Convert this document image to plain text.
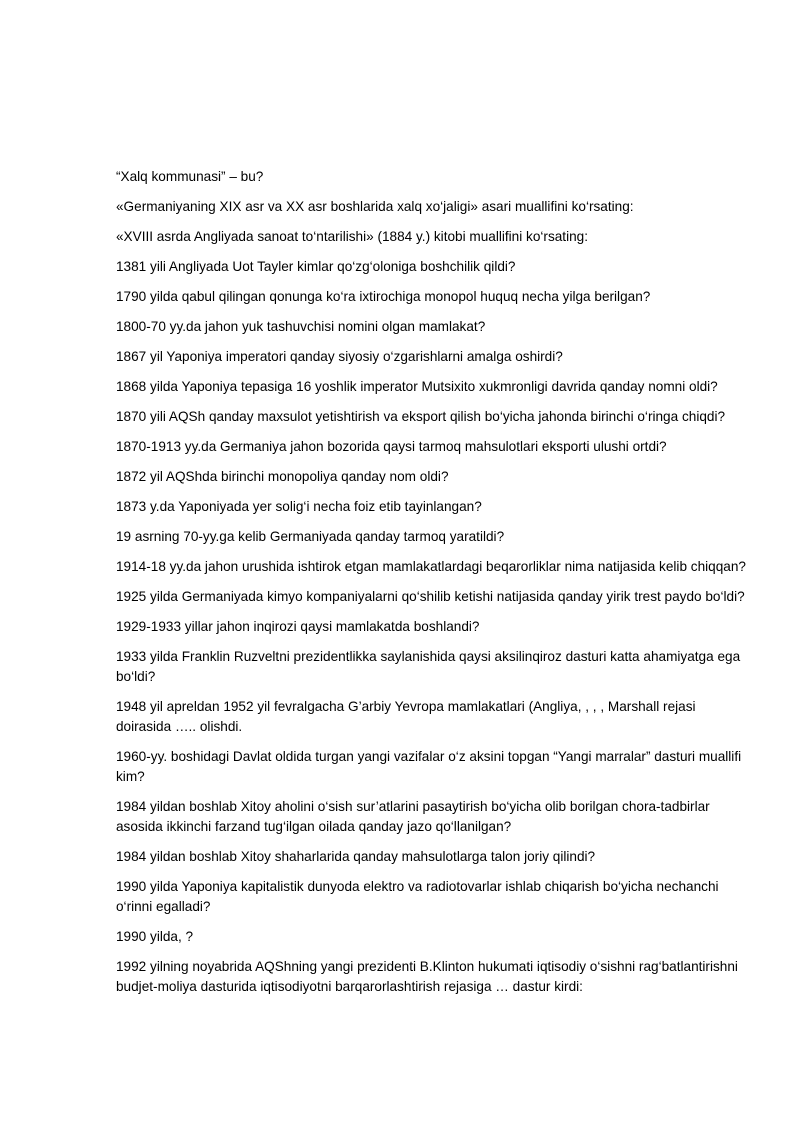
“Xalq kommunasi” – bu?
«Germaniyaning XIX asr va XX asr boshlarida xalq xo‘jaligi» asari muallifini ko‘rsating:
«XVIII asrda Angliyada sanoat to‘ntarilishi» (1884 y.) kitobi muallifini ko‘rsating:
1381 yili Angliyada Uot Tayler kimlar qo‘zg‘oloniga boshchilik qildi?
1790 yilda qabul qilingan qonunga ko‘ra ixtirochiga monopol huquq necha yilga berilgan?
1800-70 yy.da jahon yuk tashuvchisi nomini olgan mamlakat?
1867 yil Yaponiya imperatori qanday siyosiy o‘zgarishlarni amalga oshirdi?
1868 yilda Yaponiya tepasiga 16 yoshlik imperator Mutsixito xukmronligi davrida qanday nomni oldi?
1870 yili AQSh qanday maxsulot yetishtirish va eksport qilish bo‘yicha jahonda birinchi o‘ringa chiqdi?
1870-1913 yy.da Germaniya jahon bozorida qaysi tarmoq mahsulotlari eksporti ulushi ortdi?
1872 yil AQShda birinchi monopoliya qanday nom oldi?
1873 y.da Yaponiyada yer solig‘i necha foiz etib tayinlangan?
19 asrning 70-yy.ga kelib Germaniyada qanday tarmoq yaratildi?
1914-18 yy.da jahon urushida ishtirok etgan mamlakatlardagi beqarorliklar nima natijasida kelib chiqqan?
1925 yilda Germaniyada kimyo kompaniyalarni qo‘shilib ketishi natijasida qanday yirik trest paydo bo‘ldi?
1929-1933 yillar jahon inqirozi qaysi mamlakatda boshlandi?
1933 yilda Franklin Ruzveltni prezidentlikka saylanishida qaysi aksilinqiroz dasturi katta ahamiyatga ega bo‘ldi?
1948 yil apreldan 1952 yil fevralgacha G’arbiy Yevropa mamlakatlari (Angliya, , , , Marshall rejasi doirasida ….. olishdi.
1960-yy. boshidagi Davlat oldida turgan yangi vazifalar o‘z aksini topgan “Yangi marralar” dasturi muallifi kim?
1984 yildan boshlab Xitoy aholini o‘sish sur’atlarini pasaytirish bo‘yicha olib borilgan chora-tadbirlar asosida ikkinchi farzand tug‘ilgan oilada qanday jazo qo‘llanilgan?
1984 yildan boshlab Xitoy shaharlarida qanday mahsulotlarga talon joriy qilindi?
1990 yilda Yaponiya kapitalistik dunyoda elektro va radiotovarlar ishlab chiqarish bo‘yicha nechanchi o‘rinni egalladi?
1990 yilda, ?
1992 yilning noyabrida AQShning yangi prezidenti B.Klinton hukumati iqtisodiy o‘sishni rag‘batlantirishni budjet-moliya dasturida iqtisodiyotni barqarorlashtirish rejasiga … dastur kirdi:
